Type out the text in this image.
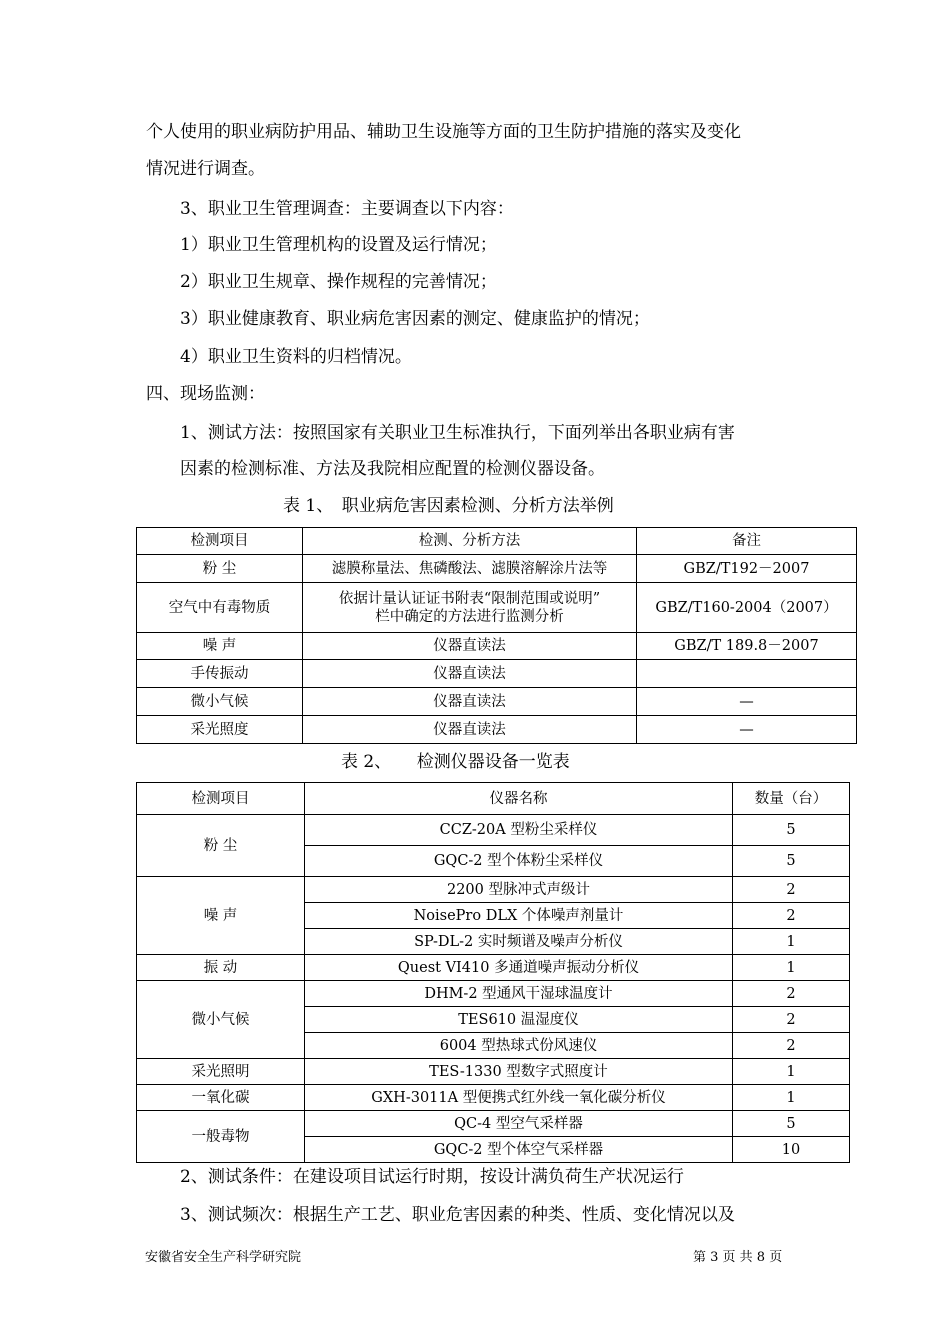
个人使用的职业病防护用品、辅助卫生设施等方面的卫生防护措施的落实及变化
情况进行调查。
3、职业卫生管理调查：主要调查以下内容：
1）职业卫生管理机构的设置及运行情况；
2）职业卫生规章、操作规程的完善情况；
3）职业健康教育、职业病危害因素的测定、健康监护的情况；
4）职业卫生资料的归档情况。
四、现场监测：
1、测试方法：按照国家有关职业卫生标准执行，下面列举出各职业病有害
因素的检测标准、方法及我院相应配置的检测仪器设备。
表 1、　职业病危害因素检测、分析方法举例
检测项目	检测、分析方法	备注
粉 尘	滤膜称量法、焦磷酸法、滤膜溶解涂片法等	GBZ/T192－2007
空气中有毒物质	依据计量认证证书附表“限制范围或说明”
栏中确定的方法进行监测分析	GBZ/T160-2004（2007）
噪 声	仪器直读法	GBZ/T 189.8－2007
手传振动	仪器直读法	
微小气候	仪器直读法	—
采光照度	仪器直读法	—
表 2、　　检测仪器设备一览表
检测项目	仪器名称	数量（台）
粉 尘	CCZ-20A 型粉尘采样仪	5
	GQC-2 型个体粉尘采样仪	5
噪 声	2200 型脉冲式声级计	2
	NoisePro DLX 个体噪声剂量计	2
	SP-DL-2 实时频谱及噪声分析仪	1
振 动	Quest VI410 多通道噪声振动分析仪	1
微小气候	DHM-2 型通风干湿球温度计	2
	TES610 温湿度仪	2
	6004 型热球式份风速仪	2
采光照明	TES-1330 型数字式照度计	1
一氧化碳	GXH-3011A 型便携式红外线一氧化碳分析仪	1
一般毒物	QC-4 型空气采样器	5
	GQC-2 型个体空气采样器	10
2、测试条件：在建设项目试运行时期，按设计满负荷生产状况运行
3、测试频次：根据生产工艺、职业危害因素的种类、性质、变化情况以及
安徽省安全生产科学研究院	第 3 页 共 8 页
